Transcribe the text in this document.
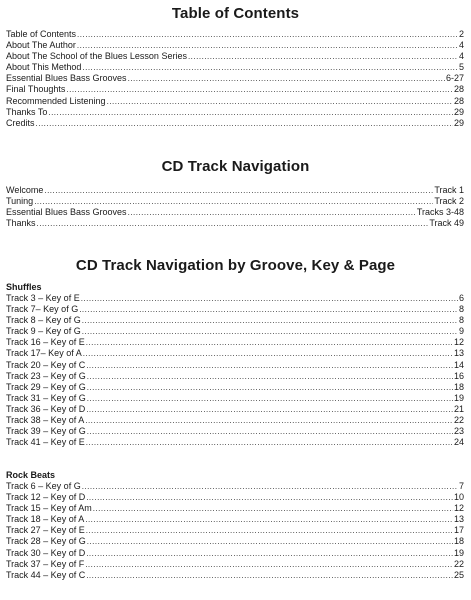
Table of Contents
Table of Contents .....	2
About The Author .....	4
About The School of the Blues Lesson Series .....	4
About This Method .....	5
Essential Blues Bass Grooves .....	6-27
Final Thoughts .....	28
Recommended Listening .....	28
Thanks To .....	29
Credits .....	29
CD Track Navigation
Welcome .....	Track 1
Tuning .....	Track 2
Essential Blues Bass Grooves .....	Tracks 3-48
Thanks .....	Track 49
CD Track Navigation by Groove, Key & Page
Shuffles
Track 3 – Key of E .....	6
Track 7– Key of G .....	8
Track 8 – Key of G .....	8
Track 9 – Key of G .....	9
Track 16 – Key of E .....	12
Track 17– Key of A .....	13
Track 20 – Key of C .....	14
Track 23 – Key of G .....	16
Track 29 – Key of G .....	18
Track 31 – Key of G .....	19
Track 36 – Key of D .....	21
Track 38 – Key of A .....	22
Track 39 – Key of G .....	23
Track 41 – Key of E .....	24
Rock Beats
Track 6 – Key of G .....	7
Track 12 – Key of D .....	10
Track 15 – Key of Am .....	12
Track 18 – Key of A .....	13
Track 27 – Key of E .....	17
Track 28 – Key of G .....	18
Track 30 – Key of D .....	19
Track 37 – Key of F .....	22
Track 44 – Key of C .....	25
